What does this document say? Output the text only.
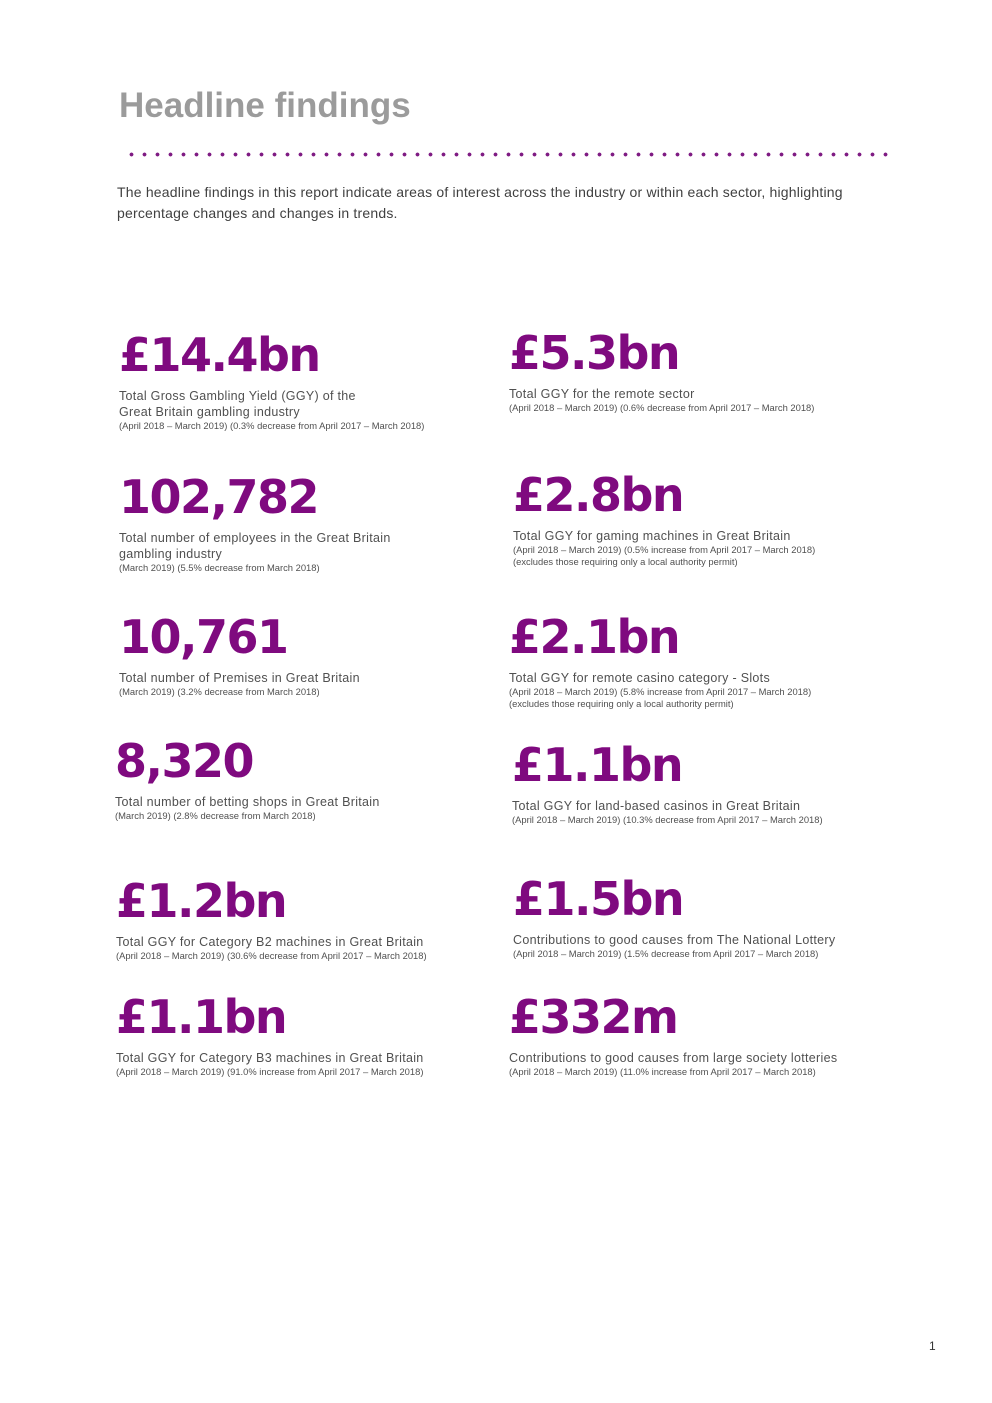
Headline findings

The headline findings in this report indicate areas of interest across the industry or within each sector, highlighting percentage changes and changes in trends.

£14.4bn
Total Gross Gambling Yield (GGY) of the Great Britain gambling industry
(April 2018 – March 2019) (0.3% decrease from April 2017 – March 2018)
£5.3bn
Total GGY for the remote sector
(April 2018 – March 2019) (0.6% decrease from April 2017 – March 2018)
102,782
Total number of employees in the Great Britain gambling industry
(March 2019) (5.5% decrease from March 2018)
£2.8bn
Total GGY for gaming machines in Great Britain
(April 2018 – March 2019) (0.5% increase from April 2017 – March 2018)
(excludes those requiring only a local authority permit)
10,761
Total number of Premises in Great Britain
(March 2019) (3.2% decrease from March 2018)
£2.1bn
Total GGY for remote casino category - Slots
(April 2018 – March 2019) (5.8% increase from April 2017 – March 2018)
(excludes those requiring only a local authority permit)
8,320
Total number of betting shops in Great Britain
(March 2019) (2.8% decrease from March 2018)
£1.1bn
Total GGY for land-based casinos in Great Britain
(April 2018 – March 2019) (10.3% decrease from April 2017 – March 2018)
£1.2bn
Total GGY for Category B2 machines in Great Britain
(April 2018 – March 2019) (30.6% decrease from April 2017 – March 2018)
£1.5bn
Contributions to good causes from The National Lottery
(April 2018 – March 2019) (1.5% decrease from April 2017 – March 2018)
£1.1bn
Total GGY for Category B3 machines in Great Britain
(April 2018 – March 2019) (91.0% increase from April 2017 – March 2018)
£332m
Contributions to good causes from large society lotteries
(April 2018 – March 2019) (11.0% increase from April 2017 – March 2018)
1
